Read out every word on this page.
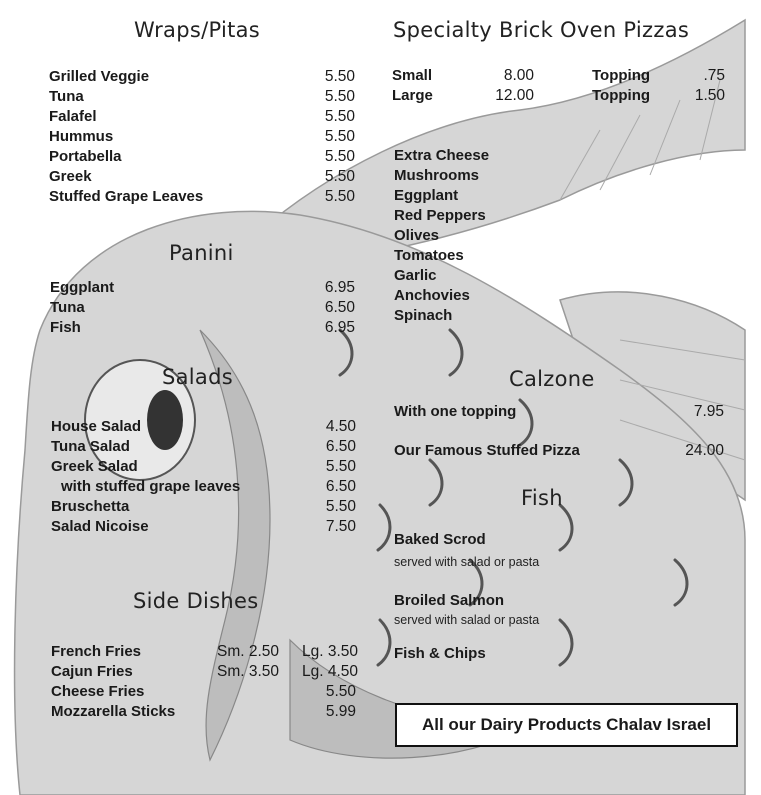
Wraps/Pitas
Grilled Veggie	5.50
Tuna	5.50
Falafel	5.50
Hummus	5.50
Portabella	5.50
Greek	5.50
Stuffed Grape Leaves	5.50
Panini
Eggplant	6.95
Tuna	6.50
Fish	6.95
Salads
House Salad	4.50
Tuna Salad	6.50
Greek Salad	5.50
with stuffed grape leaves	6.50
Bruschetta	5.50
Salad Nicoise	7.50
Side Dishes
French Fries	Sm. 2.50 Lg. 3.50
Cajun Fries	Sm. 3.50 Lg. 4.50
Cheese Fries	5.50
Mozzarella Sticks	5.99
Specialty Brick Oven Pizzas
Small	8.00	Topping	.75
Large	12.00	Topping	1.50
Extra Cheese
Mushrooms
Eggplant
Red Peppers
Olives
Tomatoes
Garlic
Anchovies
Spinach
Calzone
With one topping	7.95
Our Famous Stuffed Pizza	24.00
Fish
Baked Scrod
served with salad or pasta
Broiled Salmon
served with salad or pasta
Fish & Chips
All our Dairy Products Chalav Israel
